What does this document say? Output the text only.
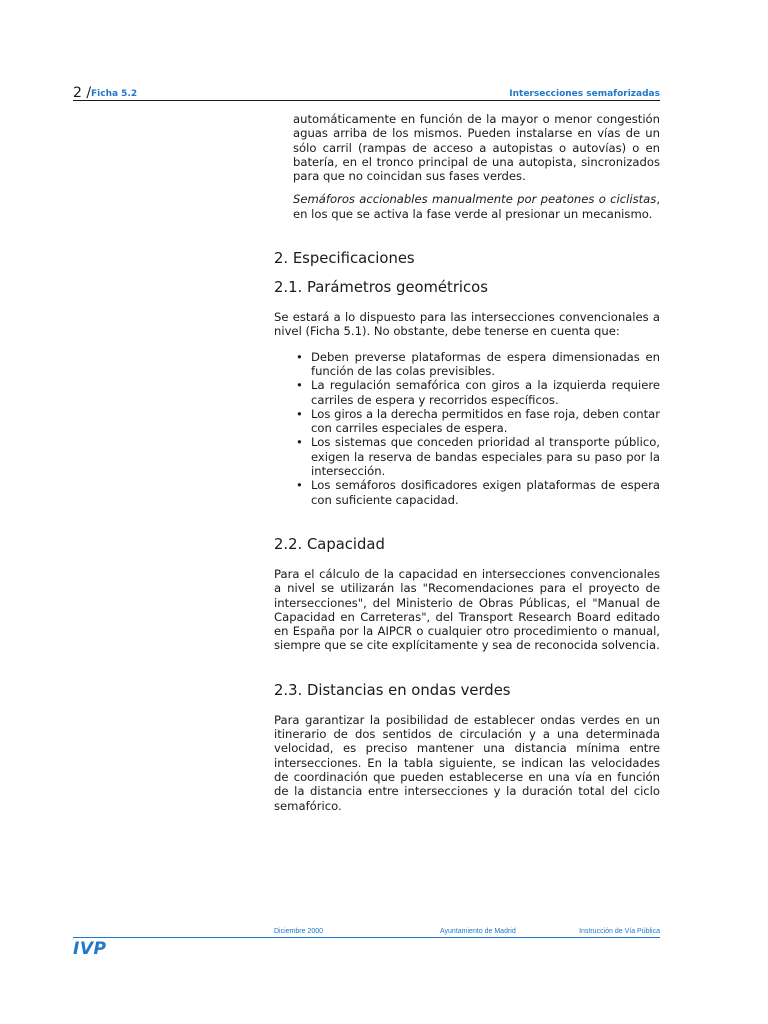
2 / Ficha 5.2	Intersecciones semaforizadas

automáticamente en función de la mayor o menor congestión aguas arriba de los mismos. Pueden instalarse en vías de un sólo carril (rampas de acceso a autopistas o autovías) o en batería, en el tronco principal de una autopista, sincronizados para que no coincidan sus fases verdes.

Semáforos accionables manualmente por peatones o ciclistas, en los que se activa la fase verde al presionar un mecanismo.

2. Especificaciones
2.1. Parámetros geométricos

Se estará a lo dispuesto para las intersecciones convencionales a nivel (Ficha 5.1). No obstante, debe tenerse en cuenta que:

• Deben preverse plataformas de espera dimensionadas en función de las colas previsibles.
• La regulación semafórica con giros a la izquierda requiere carriles de espera y recorridos específicos.
• Los giros a la derecha permitidos en fase roja, deben contar con carriles especiales de espera.
• Los sistemas que conceden prioridad al transporte público, exigen la reserva de bandas especiales para su paso por la intersección.
• Los semáforos dosificadores exigen plataformas de espera con suficiente capacidad.
2.2. Capacidad

Para el cálculo de la capacidad en intersecciones convencionales a nivel se utilizarán las "Recomendaciones para el proyecto de intersecciones", del Ministerio de Obras Públicas, el "Manual de Capacidad en Carreteras", del Transport Research Board editado en España por la AIPCR o cualquier otro procedimiento o manual, siempre que se cite explícitamente y sea de reconocida solvencia.

2.3. Distancias en ondas verdes

Para garantizar la posibilidad de establecer ondas verdes en un itinerario de dos sentidos de circulación y a una determinada velocidad, es preciso mantener una distancia mínima entre intersecciones. En la tabla siguiente, se indican las velocidades de coordinación que pueden establecerse en una vía en función de la distancia entre intersecciones y la duración total del ciclo semafórico.

Diciembre 2000	Ayuntamiento de Madrid	Instrucción de Vía Pública
IVP
